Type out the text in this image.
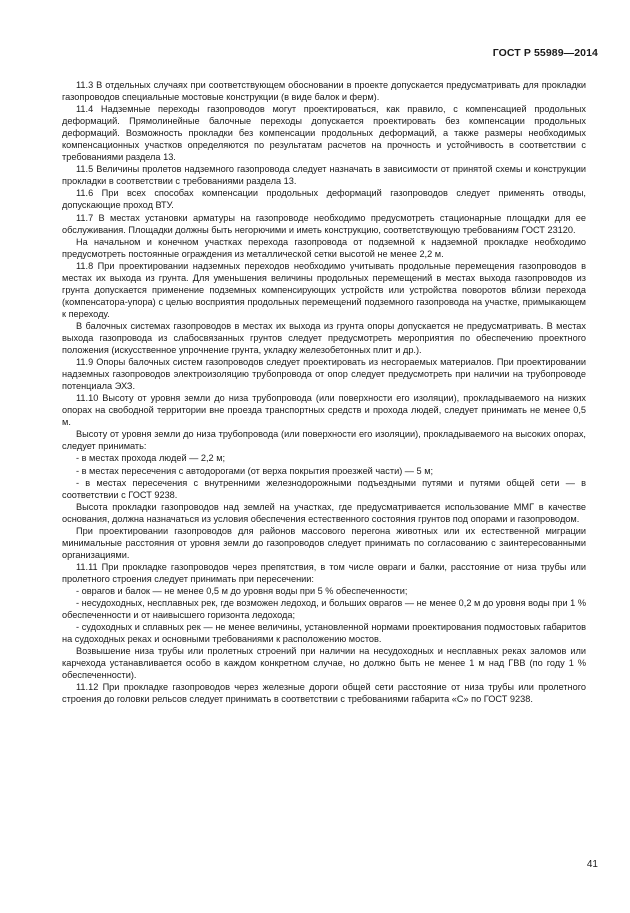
ГОСТ Р 55989—2014

11.3 В отдельных случаях при соответствующем обосновании в проекте допускается предусматривать для прокладки газопроводов специальные мостовые конструкции (в виде балок и ферм).

11.4 Надземные переходы газопроводов могут проектироваться, как правило, с компенсацией продольных деформаций. Прямолинейные балочные переходы допускается проектировать без компенсации продольных деформаций. Возможность прокладки без компенсации продольных деформаций, а также размеры необходимых компенсационных участков определяются по результатам расчетов на прочность и устойчивость в соответствии с требованиями раздела 13.

11.5 Величины пролетов надземного газопровода следует назначать в зависимости от принятой схемы и конструкции прокладки в соответствии с требованиями раздела 13.

11.6 При всех способах компенсации продольных деформаций газопроводов следует применять отводы, допускающие проход ВТУ.

11.7 В местах установки арматуры на газопроводе необходимо предусмотреть стационарные площадки для ее обслуживания. Площадки должны быть негорючими и иметь конструкцию, соответствующую требованиям ГОСТ 23120.

На начальном и конечном участках перехода газопровода от подземной к надземной прокладке необходимо предусмотреть постоянные ограждения из металлической сетки высотой не менее 2,2 м.

11.8 При проектировании надземных переходов необходимо учитывать продольные перемещения газопроводов в местах их выхода из грунта. Для уменьшения величины продольных перемещений в местах выхода газопроводов из грунта допускается применение подземных компенсирующих устройств или устройства поворотов вблизи перехода (компенсатора-упора) с целью восприятия продольных перемещений подземного газопровода на участке, примыкающем к переходу.

В балочных системах газопроводов в местах их выхода из грунта опоры допускается не предусматривать. В местах выхода газопровода из слабосвязанных грунтов следует предусмотреть мероприятия по обеспечению проектного положения (искусственное упрочнение грунта, укладку железобетонных плит и др.).

11.9 Опоры балочных систем газопроводов следует проектировать из несгораемых материалов. При проектировании надземных газопроводов электроизоляцию трубопровода от опор следует предусмотреть при наличии на трубопроводе потенциала ЭХЗ.

11.10 Высоту от уровня земли до низа трубопровода (или поверхности его изоляции), прокладываемого на низких опорах на свободной территории вне проезда транспортных средств и прохода людей, следует принимать не менее 0,5 м.

Высоту от уровня земли до низа трубопровода (или поверхности его изоляции), прокладываемого на высоких опорах, следует принимать:

- в местах прохода людей — 2,2 м;

- в местах пересечения с автодорогами (от верха покрытия проезжей части) — 5 м;

- в местах пересечения с внутренними железнодорожными подъездными путями и путями общей сети — в соответствии с ГОСТ 9238.

Высота прокладки газопроводов над землей на участках, где предусматривается использование ММГ в качестве основания, должна назначаться из условия обеспечения естественного состояния грунтов под опорами и газопроводом.

При проектировании газопроводов для районов массового перегона животных или их естественной миграции минимальные расстояния от уровня земли до газопроводов следует принимать по согласованию с заинтересованными организациями.

11.11 При прокладке газопроводов через препятствия, в том числе овраги и балки, расстояние от низа трубы или пролетного строения следует принимать при пересечении:

- оврагов и балок — не менее 0,5 м до уровня воды при 5 % обеспеченности;

- несудоходных, несплавных рек, где возможен ледоход, и больших оврагов — не менее 0,2 м до уровня воды при 1 % обеспеченности и от наивысшего горизонта ледохода;

- судоходных и сплавных рек — не менее величины, установленной нормами проектирования подмостовых габаритов на судоходных реках и основными требованиями к расположению мостов.

Возвышение низа трубы или пролетных строений при наличии на несудоходных и несплавных реках заломов или карчехода устанавливается особо в каждом конкретном случае, но должно быть не менее 1 м над ГВВ (по году 1 % обеспеченности).

11.12 При прокладке газопроводов через железные дороги общей сети расстояние от низа трубы или пролетного строения до головки рельсов следует принимать в соответствии с требованиями габарита «С» по ГОСТ 9238.

41
